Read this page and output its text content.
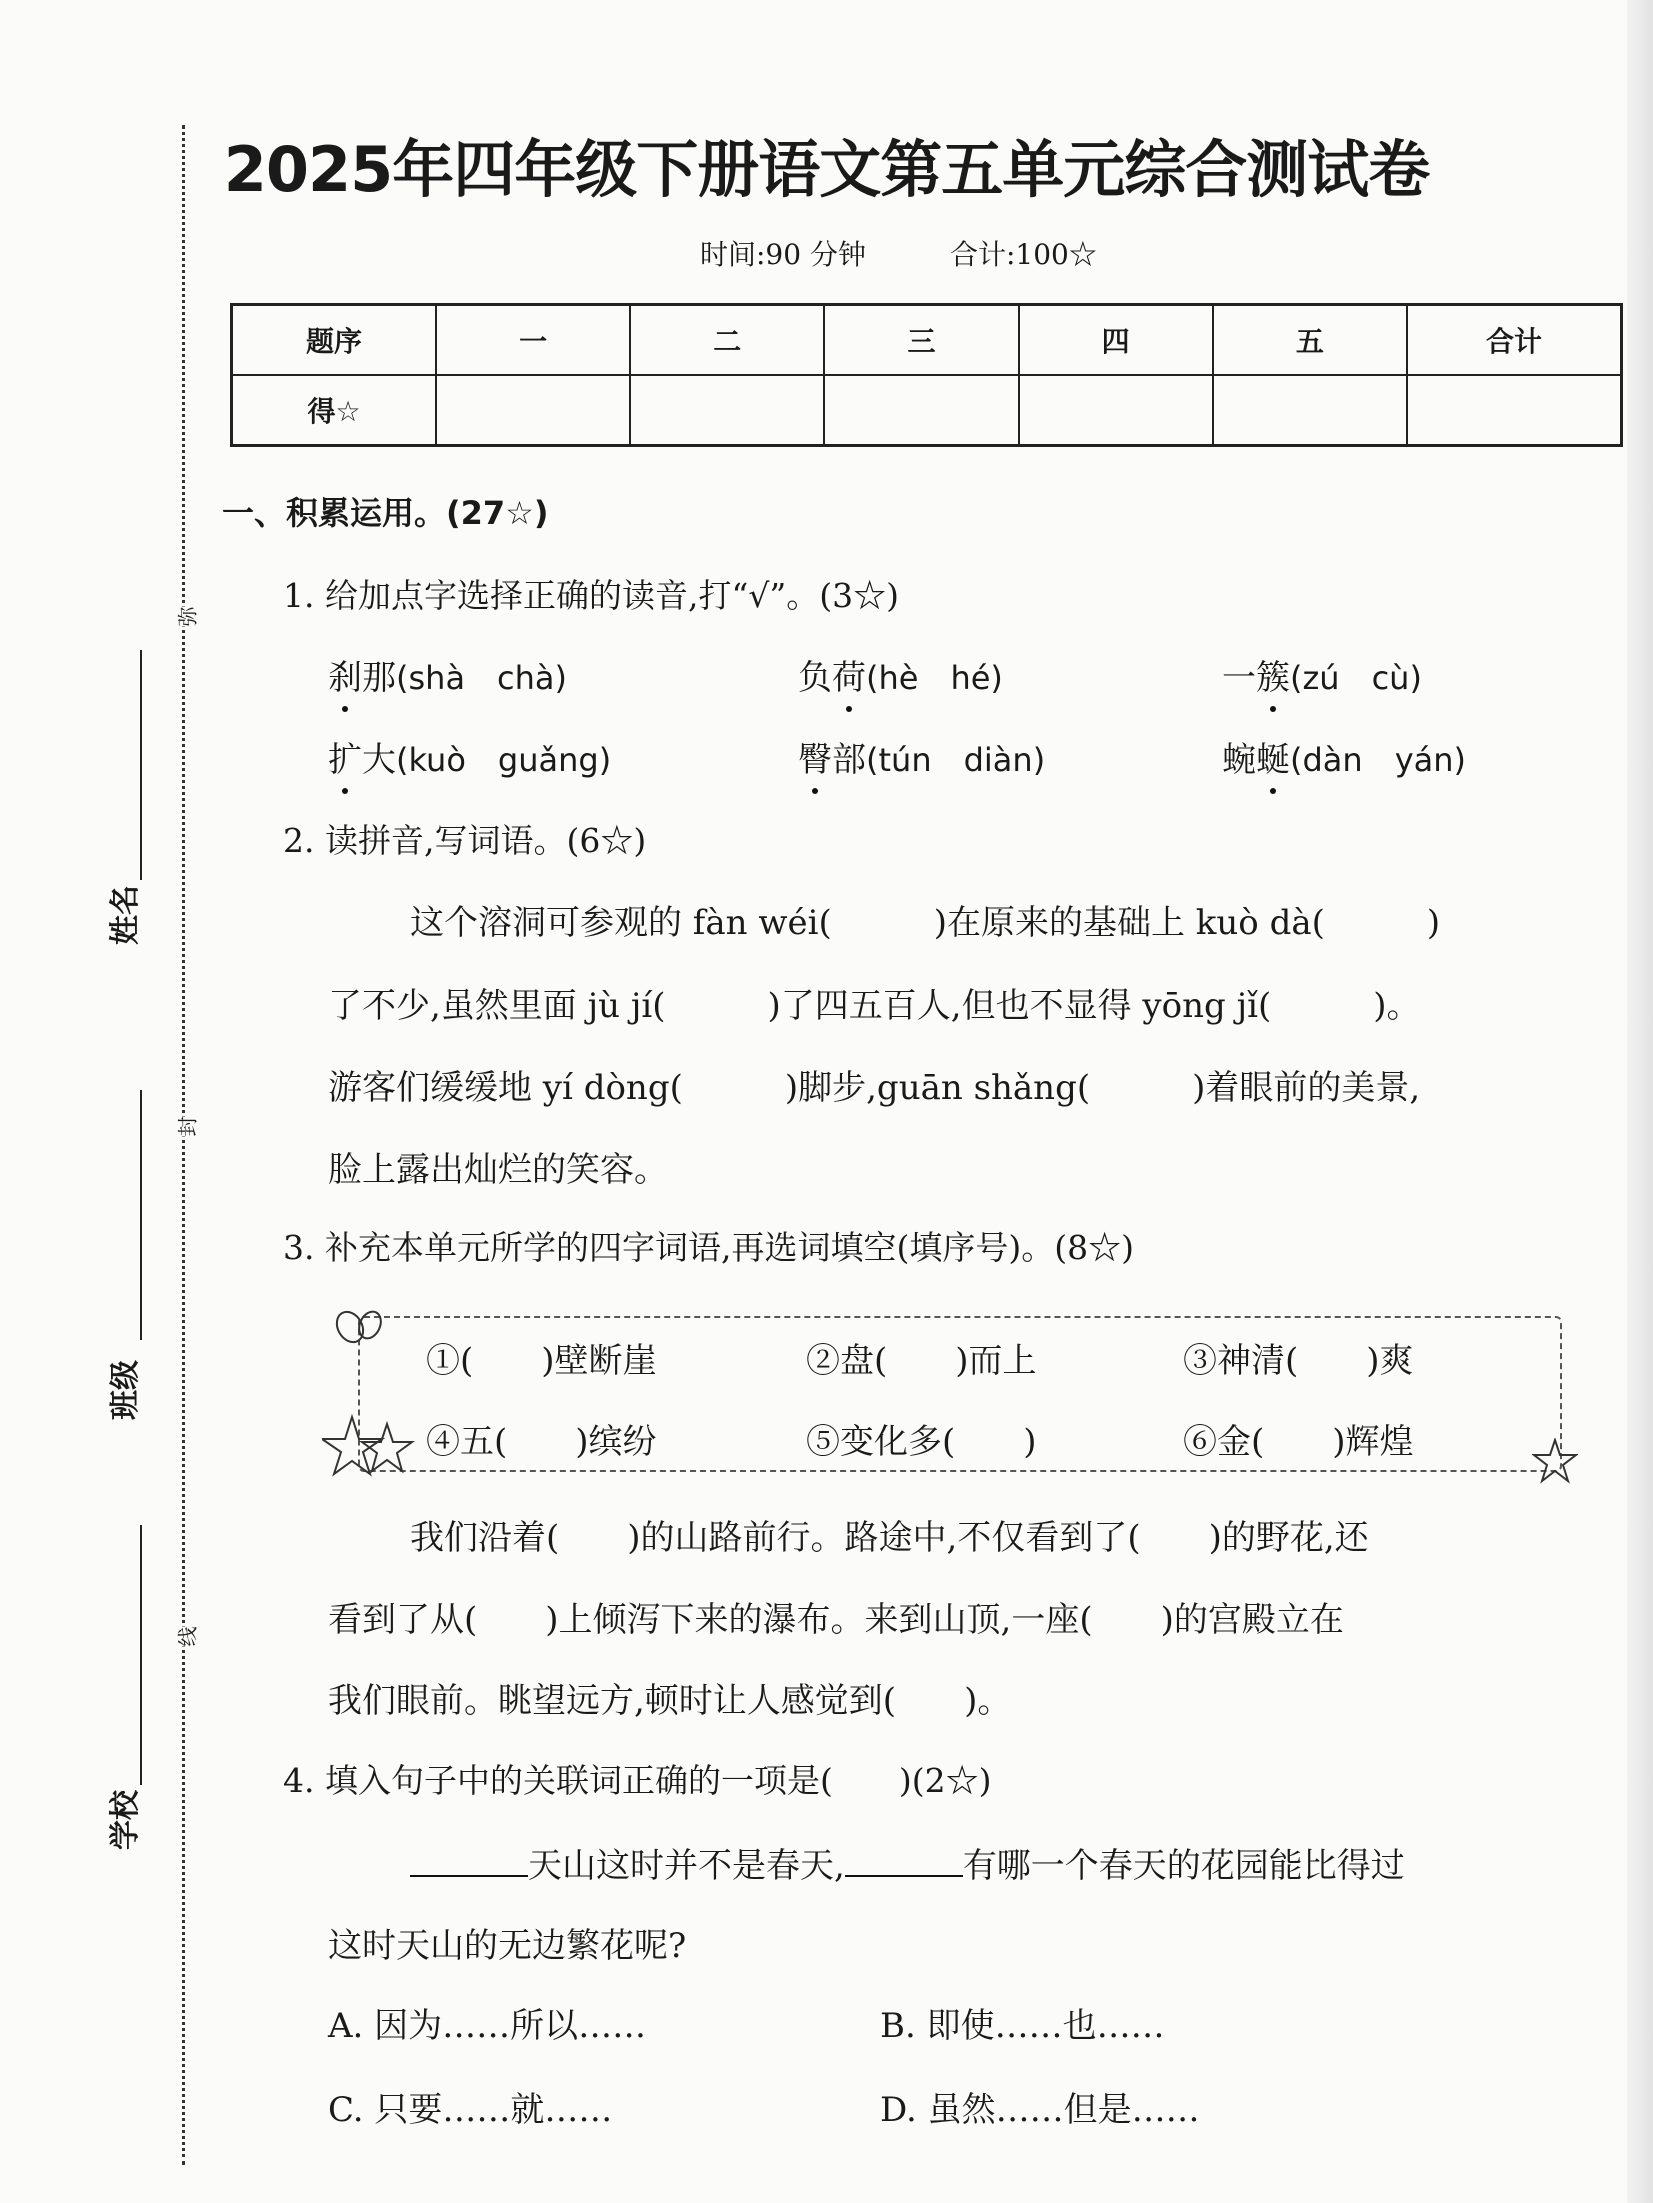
姓名
班级
学校
弥
封
线
2025年四年级下册语文第五单元综合测试卷
时间:90 分钟　　　	合计:100☆
题序	一	二	三	四	五	合计
得☆						
一、积累运用。(27☆)
1. 给加点字选择正确的读音,打“√”。(3☆)
刹那(shà　chà)	负荷(hè　hé)	一簇(zú　cù)
扩大(kuò　guǎng)	臀部(tún　diàn)	蜿蜒(dàn　yán)
2. 读拼音,写词语。(6☆)
这个溶洞可参观的 fàn wéi(　　　)在原来的基础上 kuò dà(　　　)
了不少,虽然里面 jù jí(　　　)了四五百人,但也不显得 yōng jǐ(　　　)。
游客们缓缓地 yí dòng(　　　)脚步,guān shǎng(　　　)着眼前的美景,
脸上露出灿烂的笑容。
3. 补充本单元所学的四字词语,再选词填空(填序号)。(8☆)
①(　　)壁断崖	②盘(　　)而上	③神清(　　)爽
④五(　　)缤纷	⑤变化多(　　)	⑥金(　　)辉煌
我们沿着(　　)的山路前行。路途中,不仅看到了(　　)的野花,还
看到了从(　　)上倾泻下来的瀑布。来到山顶,一座(　　)的宫殿立在
我们眼前。眺望远方,顿时让人感觉到(　　)。
4. 填入句子中的关联词正确的一项是(　　)(2☆)
天山这时并不是春天,	有哪一个春天的花园能比得过
这时天山的无边繁花呢?
A. 因为……所以……	B. 即使……也……
C. 只要……就……	D. 虽然……但是……
